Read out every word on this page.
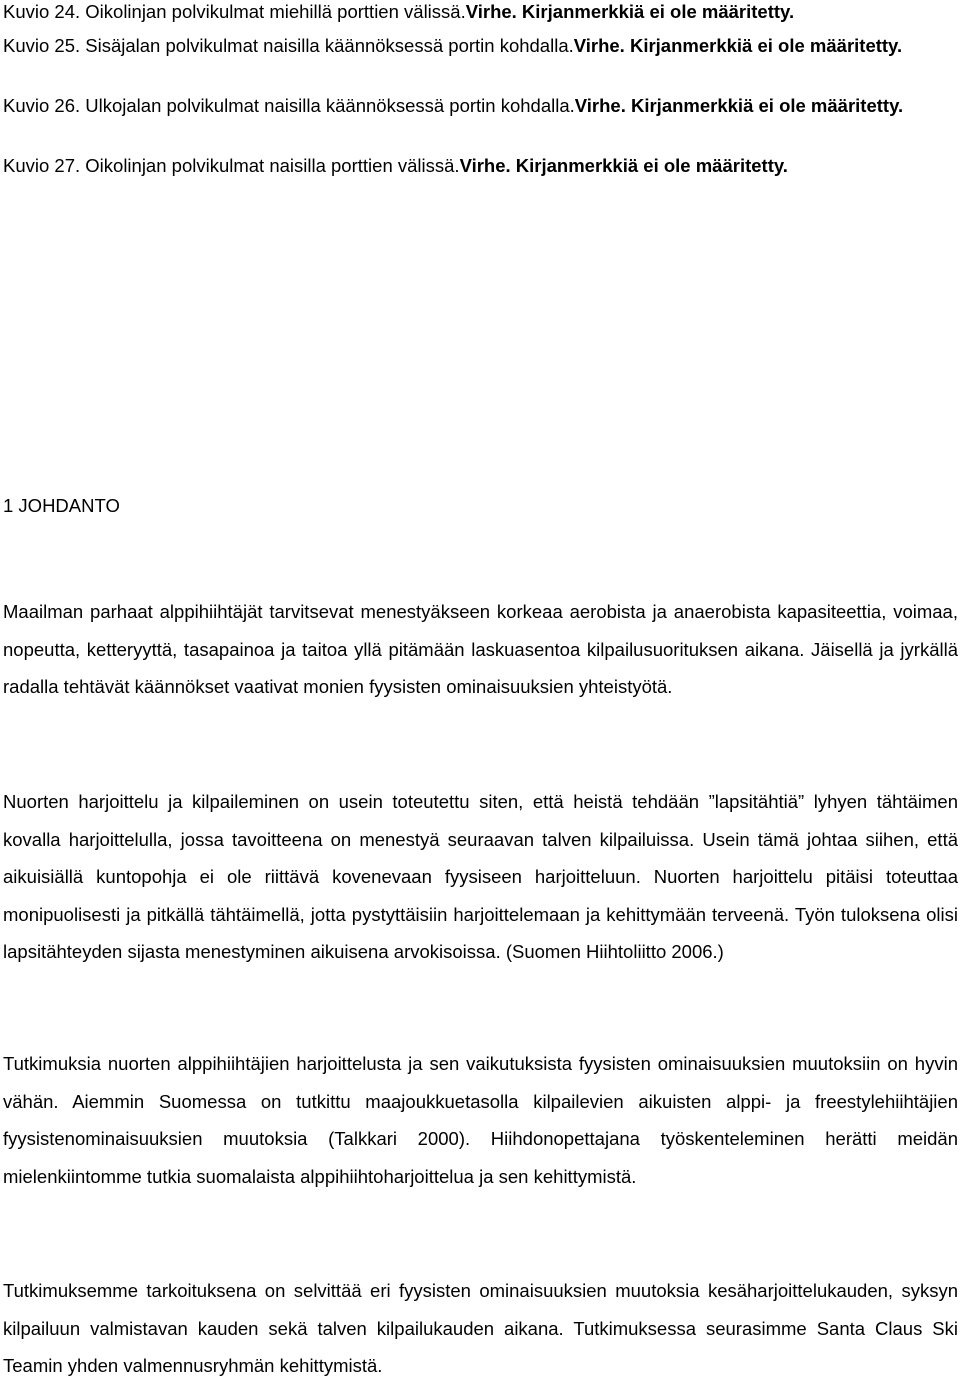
Kuvio 24. Oikolinjan polvikulmat miehillä porttien välissä.Virhe. Kirjanmerkkiä ei ole määritetty.
Kuvio 25. Sisäjalan polvikulmat naisilla käännöksessä portin kohdalla.Virhe. Kirjanmerkkiä ei ole määritetty.
Kuvio 26. Ulkojalan polvikulmat naisilla käännöksessä portin kohdalla.Virhe. Kirjanmerkkiä ei ole määritetty.
Kuvio 27. Oikolinjan polvikulmat naisilla porttien välissä.Virhe. Kirjanmerkkiä ei ole määritetty.
1 JOHDANTO

Maailman parhaat alppihiihtäjät tarvitsevat menestyäkseen korkeaa aerobista ja anaerobista kapasiteettia, voimaa, nopeutta, ketteryyttä, tasapainoa ja taitoa yllä pitämään laskuasentoa kilpailusuorituksen aikana. Jäisellä ja jyrkällä radalla tehtävät käännökset vaativat monien fyysisten ominaisuuksien yhteistyötä.

Nuorten harjoittelu ja kilpaileminen on usein toteutettu siten, että heistä tehdään ”lapsitähtiä” lyhyen tähtäimen kovalla harjoittelulla, jossa tavoitteena on menestyä seuraavan talven kilpailuissa. Usein tämä johtaa siihen, että aikuisiällä kuntopohja ei ole riittävä kovenevaan fyysiseen harjoitteluun. Nuorten harjoittelu pitäisi toteuttaa monipuolisesti ja pitkällä tähtäimellä, jotta pystyttäisiin harjoittelemaan ja kehittymään terveenä. Työn tuloksena olisi lapsitähteyden sijasta menestyminen aikuisena arvokisoissa. (Suomen Hiihtoliitto 2006.)

Tutkimuksia nuorten alppihiihtäjien harjoittelusta ja sen vaikutuksista fyysisten ominaisuuksien muutoksiin on hyvin vähän. Aiemmin Suomessa on tutkittu maajoukkuetasolla kilpailevien aikuisten alppi- ja freestylehiihtäjien fyysistenominaisuuksien muutoksia (Talkkari 2000). Hiihdonopettajana työskenteleminen herätti meidän mielenkiintomme tutkia suomalaista alppihiihtoharjoittelua ja sen kehittymistä.

Tutkimuksemme tarkoituksena on selvittää eri fyysisten ominaisuuksien muutoksia kesäharjoittelukauden, syksyn kilpailuun valmistavan kauden sekä talven kilpailukauden aikana. Tutkimuksessa seurasimme Santa Claus Ski Teamin yhden valmennusryhmän kehittymistä.
